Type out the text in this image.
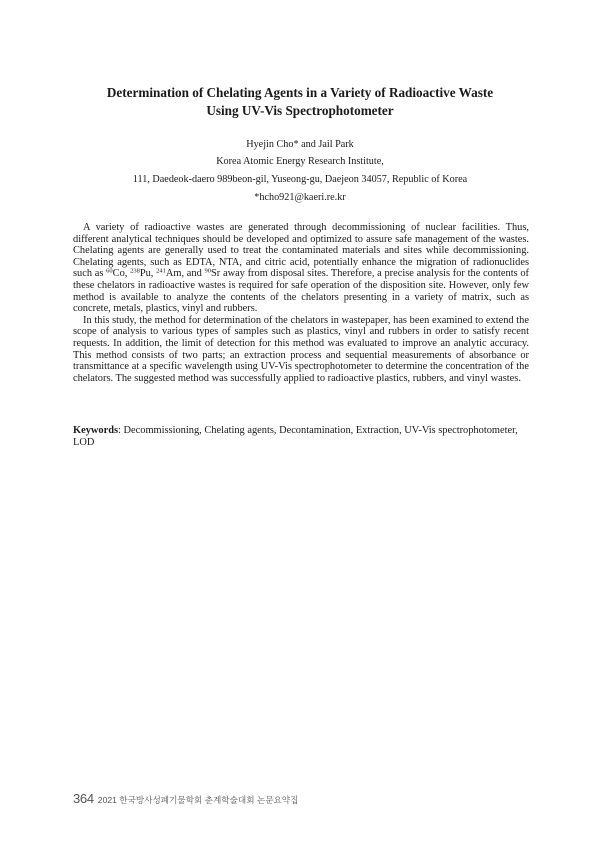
Determination of Chelating Agents in a Variety of Radioactive Waste
Using UV-Vis Spectrophotometer
Hyejin Cho* and Jail Park
Korea Atomic Energy Research Institute,
111, Daedeok-daero 989beon-gil, Yuseong-gu, Daejeon 34057, Republic of Korea
*hcho921@kaeri.re.kr

A variety of radioactive wastes are generated through decommissioning of nuclear facilities. Thus, different analytical techniques should be developed and optimized to assure safe management of the wastes. Chelating agents are generally used to treat the contaminated materials and sites while decommissioning. Chelating agents, such as EDTA, NTA, and citric acid, potentially enhance the migration of radionuclides such as $^{60}$Co, $^{238}$Pu, $^{241}$Am, and $^{90}$Sr away from disposal sites. Therefore, a precise analysis for the contents of these chelators in radioactive wastes is required for safe operation of the disposition site. However, only few method is available to analyze the contents of the chelators presenting in a variety of matrix, such as concrete, metals, plastics, vinyl and rubbers.

In this study, the method for determination of the chelators in wastepaper, has been examined to extend the scope of analysis to various types of samples such as plastics, vinyl and rubbers in order to satisfy recent requests. In addition, the limit of detection for this method was evaluated to improve an analytic accuracy. This method consists of two parts; an extraction process and sequential measurements of absorbance or transmittance at a specific wavelength using UV-Vis spectrophotometer to determine the concentration of the chelators. The suggested method was successfully applied to radioactive plastics, rubbers, and vinyl wastes.

Keywords: Decommissioning, Chelating agents, Decontamination, Extraction, UV-Vis spectrophotometer, LOD
364 2021 한국방사성폐기물학회 춘계학술대회 논문요약집
